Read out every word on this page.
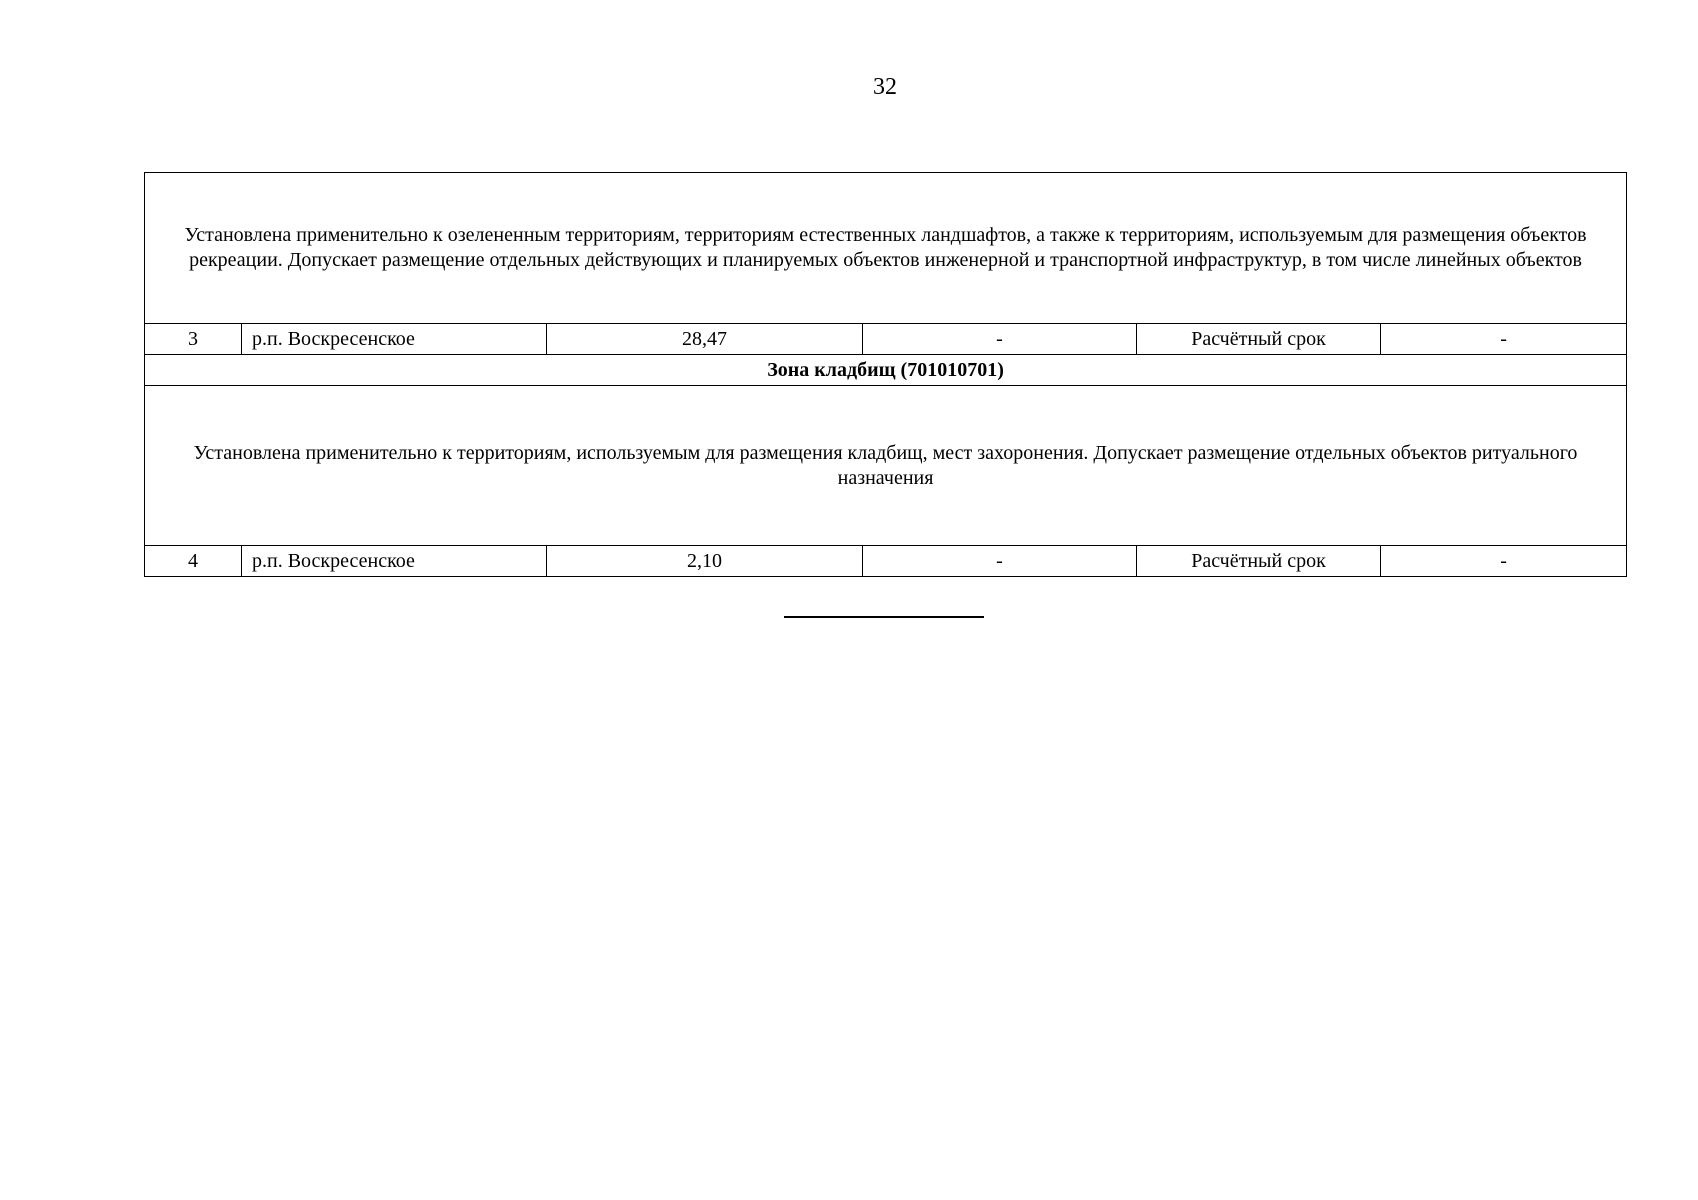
32
Установлена применительно к озелененным территориям, территориям естественных ландшафтов, а также к территориям, используемым для размещения объектов рекреации. Допускает размещение отдельных действующих и планируемых объектов инженерной и транспортной инфраструктур, в том числе линейных объектов					
3	р.п. Воскресенское	28,47	-	Расчётный срок	-
Зона кладбищ (701010701)					
Установлена применительно к территориям, используемым для размещения кладбищ, мест захоронения. Допускает размещение отдельных объектов ритуального назначения					
4	р.п. Воскресенское	2,10	-	Расчётный срок	-
